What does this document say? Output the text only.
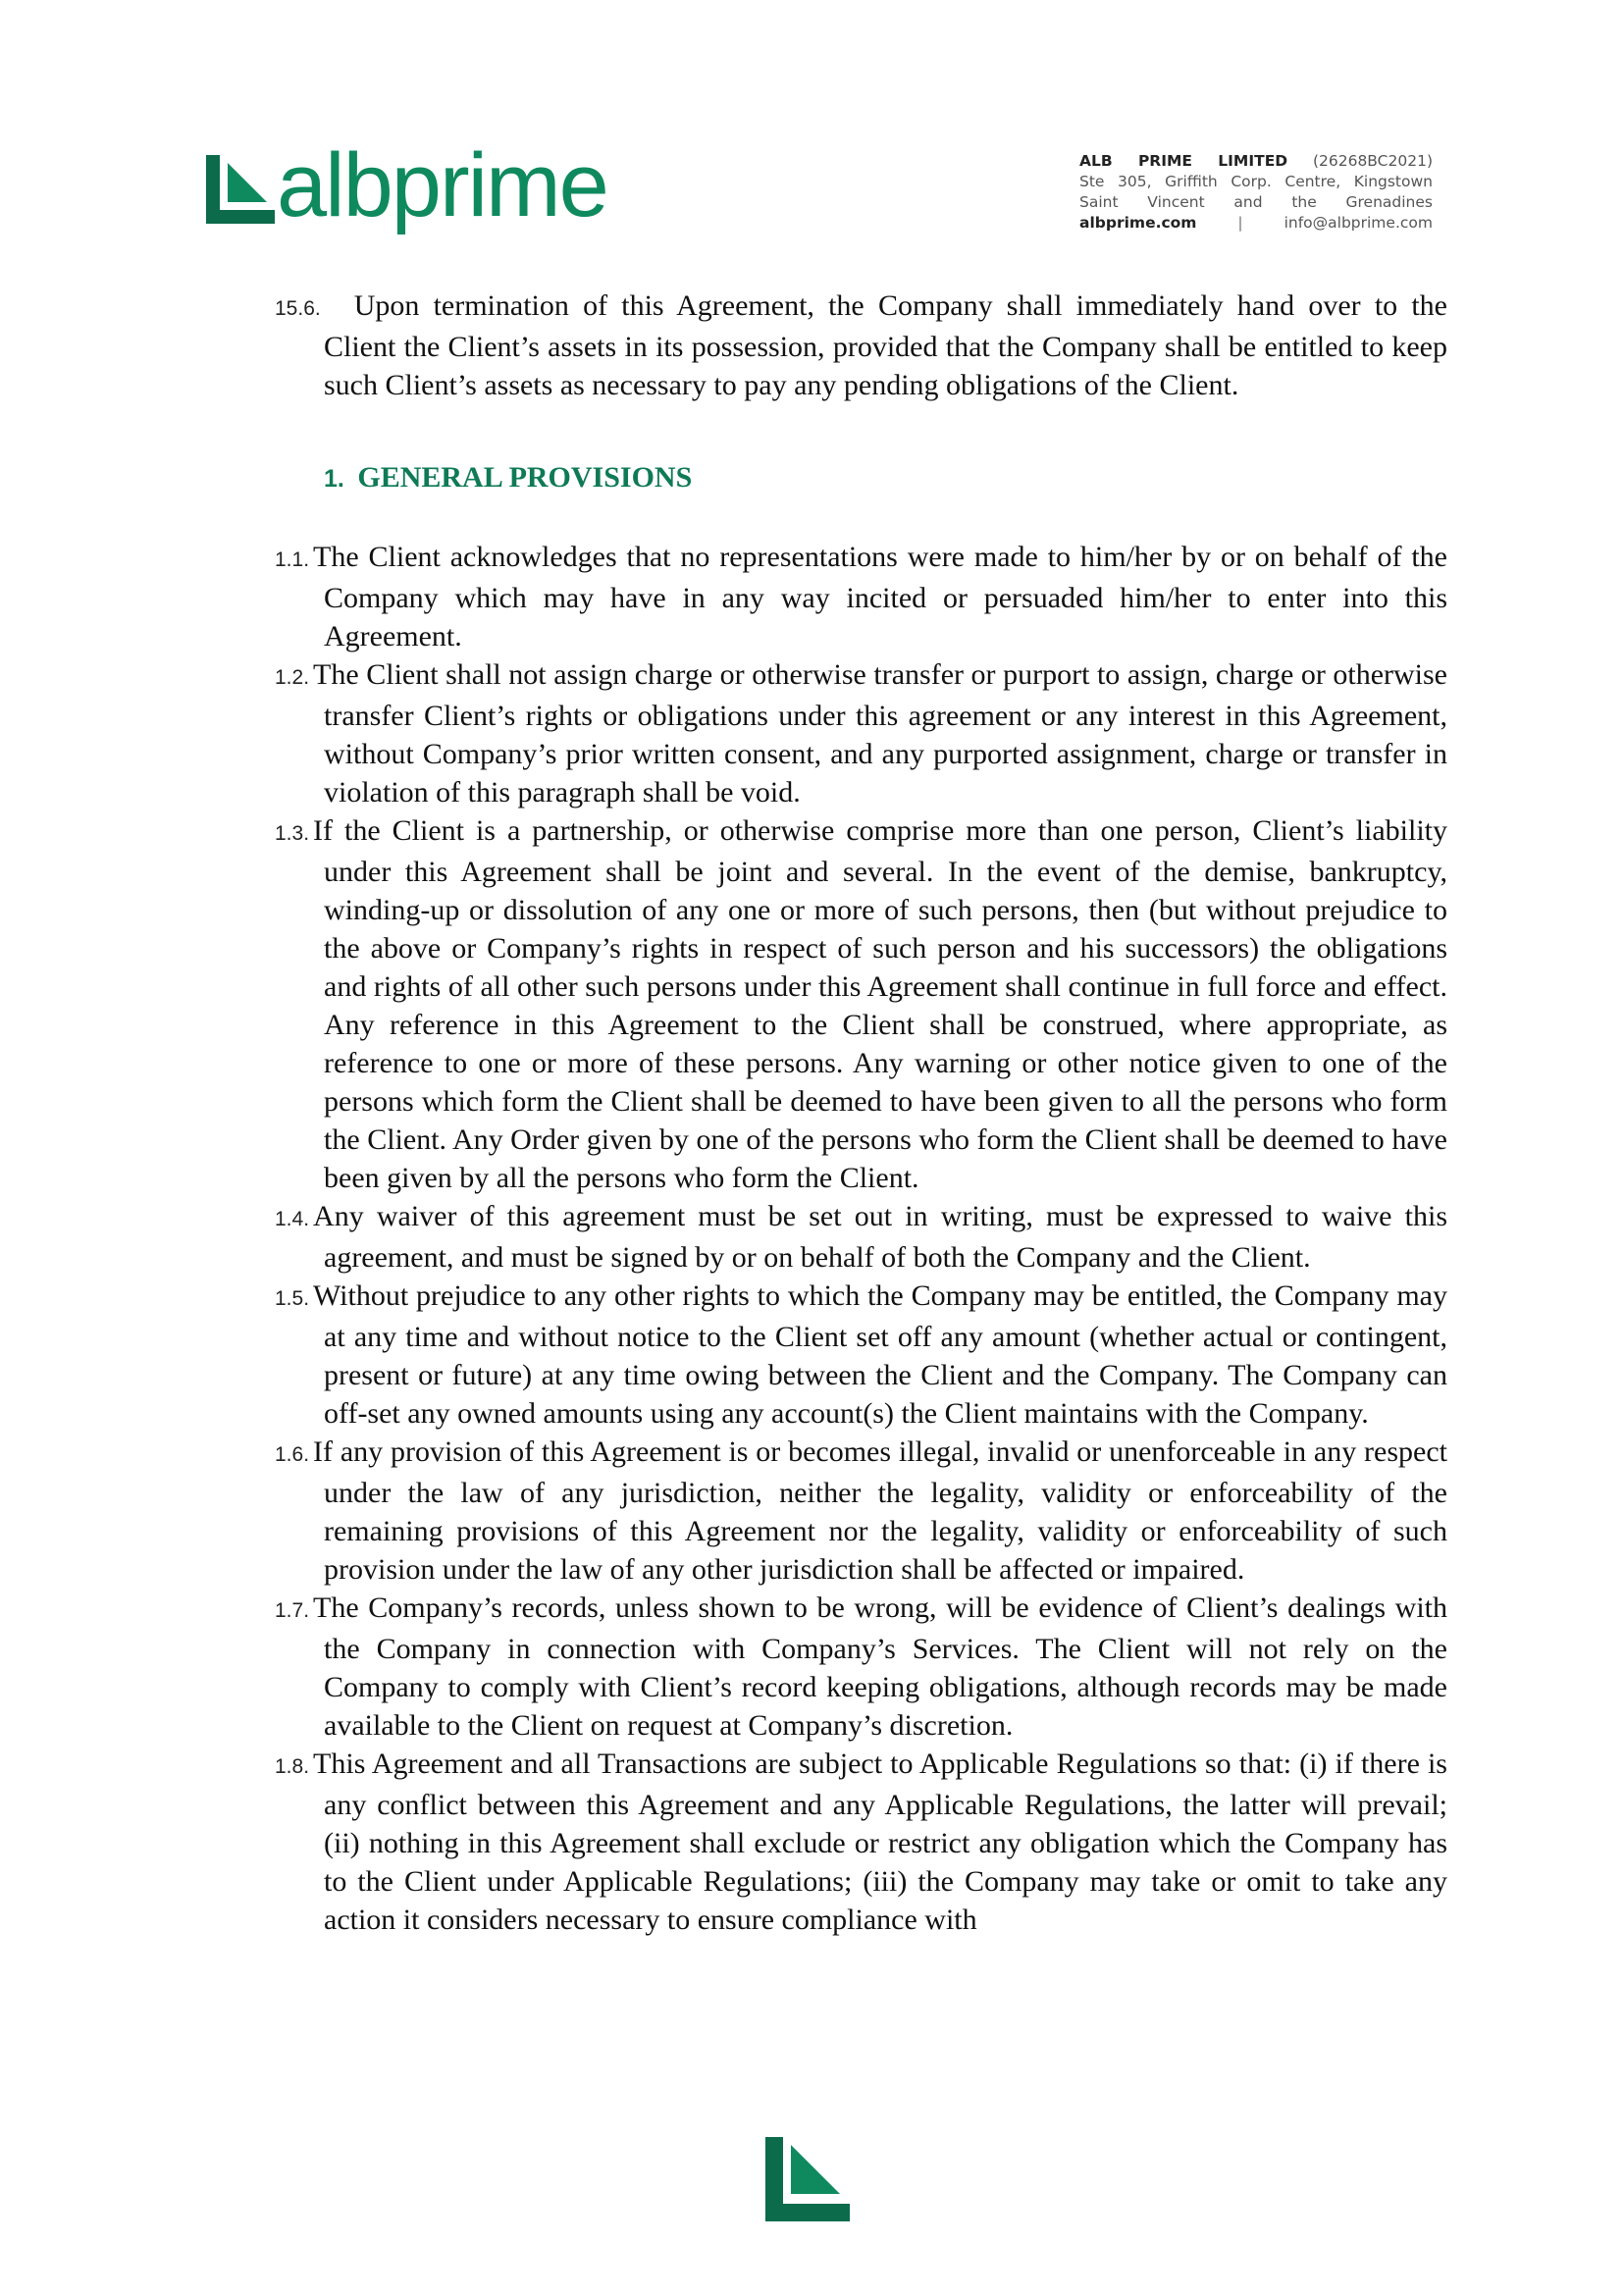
albprime	ALB PRIME LIMITED (26268BC2021)
Ste 305, Griffith Corp. Centre, Kingstown
Saint Vincent and the Grenadines
albprime.com	|	info@albprime.com
15.6. Upon termination of this Agreement, the Company shall immediately hand over to the Client the Client’s assets in its possession, provided that the Company shall be entitled to keep such Client’s assets as necessary to pay any pending obligations of the Client.
1. GENERAL PROVISIONS
1.1. The Client acknowledges that no representations were made to him/her by or on behalf of the Company which may have in any way incited or persuaded him/her to enter into this Agreement.
1.2. The Client shall not assign charge or otherwise transfer or purport to assign, charge or otherwise transfer Client’s rights or obligations under this agreement or any interest in this Agreement, without Company’s prior written consent, and any purported assignment, charge or transfer in violation of this paragraph shall be void.
1.3. If the Client is a partnership, or otherwise comprise more than one person, Client’s liability under this Agreement shall be joint and several. In the event of the demise, bankruptcy, winding-up or dissolution of any one or more of such persons, then (but without prejudice to the above or Company’s rights in respect of such person and his successors) the obligations and rights of all other such persons under this Agreement shall continue in full force and effect. Any reference in this Agreement to the Client shall be construed, where appropriate, as reference to one or more of these persons. Any warning or other notice given to one of the persons which form the Client shall be deemed to have been given to all the persons who form the Client. Any Order given by one of the persons who form the Client shall be deemed to have been given by all the persons who form the Client.
1.4. Any waiver of this agreement must be set out in writing, must be expressed to waive this agreement, and must be signed by or on behalf of both the Company and the Client.
1.5. Without prejudice to any other rights to which the Company may be entitled, the Company may at any time and without notice to the Client set off any amount (whether actual or contingent, present or future) at any time owing between the Client and the Company. The Company can off-set any owned amounts using any account(s) the Client maintains with the Company.
1.6. If any provision of this Agreement is or becomes illegal, invalid or unenforceable in any respect under the law of any jurisdiction, neither the legality, validity or enforceability of the remaining provisions of this Agreement nor the legality, validity or enforceability of such provision under the law of any other jurisdiction shall be affected or impaired.
1.7. The Company’s records, unless shown to be wrong, will be evidence of Client’s dealings with the Company in connection with Company’s Services. The Client will not rely on the Company to comply with Client’s record keeping obligations, although records may be made available to the Client on request at Company’s discretion.
1.8. This Agreement and all Transactions are subject to Applicable Regulations so that: (i) if there is any conflict between this Agreement and any Applicable Regulations, the latter will prevail; (ii) nothing in this Agreement shall exclude or restrict any obligation which the Company has to the Client under Applicable Regulations; (iii) the Company may take or omit to take any action it considers necessary to ensure compliance with
